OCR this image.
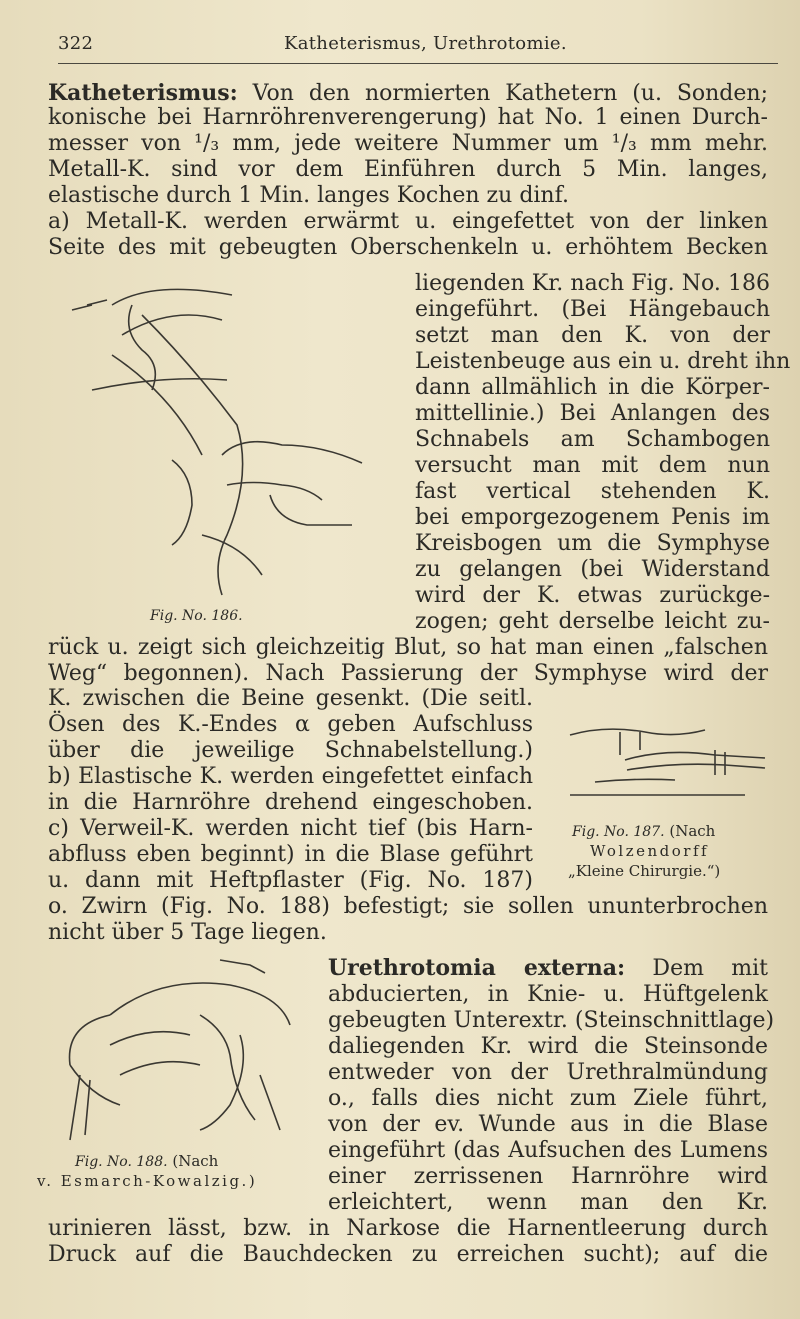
322	Katheterismus, Urethrotomie.
Katheterismus: Von den normierten Kathetern (u. Sonden;
konische bei Harnröhrenverengerung) hat No. 1 einen Durch-
messer von ¹/₃ mm, jede weitere Nummer um ¹/₃ mm mehr.
Metall-K. sind vor dem Einführen durch 5 Min. langes,
elastische durch 1 Min. langes Kochen zu dinf.
a) Metall-K. werden erwärmt u. eingefettet von der linken
Seite des mit gebeugten Oberschenkeln u. erhöhtem Becken
liegenden Kr. nach Fig. No. 186
eingeführt. (Bei Hängebauch
setzt man den K. von der
Leistenbeuge aus ein u. dreht ihn
dann allmählich in die Körper-
mittellinie.) Bei Anlangen des
Schnabels am Schambogen
versucht man mit dem nun
fast vertical stehenden K.
bei emporgezogenem Penis im
Kreisbogen um die Symphyse
zu gelangen (bei Widerstand
wird der K. etwas zurückge-
zogen; geht derselbe leicht zu-
Fig. No. 186.
rück u. zeigt sich gleichzeitig Blut, so hat man einen „falschen
Weg“ begonnen). Nach Passierung der Symphyse wird der
K. zwischen die Beine gesenkt. (Die seitl.
Ösen des K.-Endes α geben Aufschluss
über die jeweilige Schnabelstellung.)
b) Elastische K. werden eingefettet einfach
in die Harnröhre drehend eingeschoben.
c) Verweil-K. werden nicht tief (bis Harn-
abfluss eben beginnt) in die Blase geführt
u. dann mit Heftpflaster (Fig. No. 187)
Fig. No. 187. (Nach
Wolzendorff
„Kleine Chirurgie.“)
o. Zwirn (Fig. No. 188) befestigt; sie sollen ununterbrochen
nicht über 5 Tage liegen.
Urethrotomia externa: Dem mit
abducierten, in Knie- u. Hüftgelenk
gebeugten Unterextr. (Steinschnittlage)
daliegenden Kr. wird die Steinsonde
entweder von der Urethralmündung
o., falls dies nicht zum Ziele führt,
von der ev. Wunde aus in die Blase
eingeführt (das Aufsuchen des Lumens
einer zerrissenen Harnröhre wird
erleichtert, wenn man den Kr.
Fig. No. 188. (Nach
v. Esmarch-Kowalzig.)
urinieren lässt, bzw. in Narkose die Harnentleerung durch
Druck auf die Bauchdecken zu erreichen sucht); auf die
